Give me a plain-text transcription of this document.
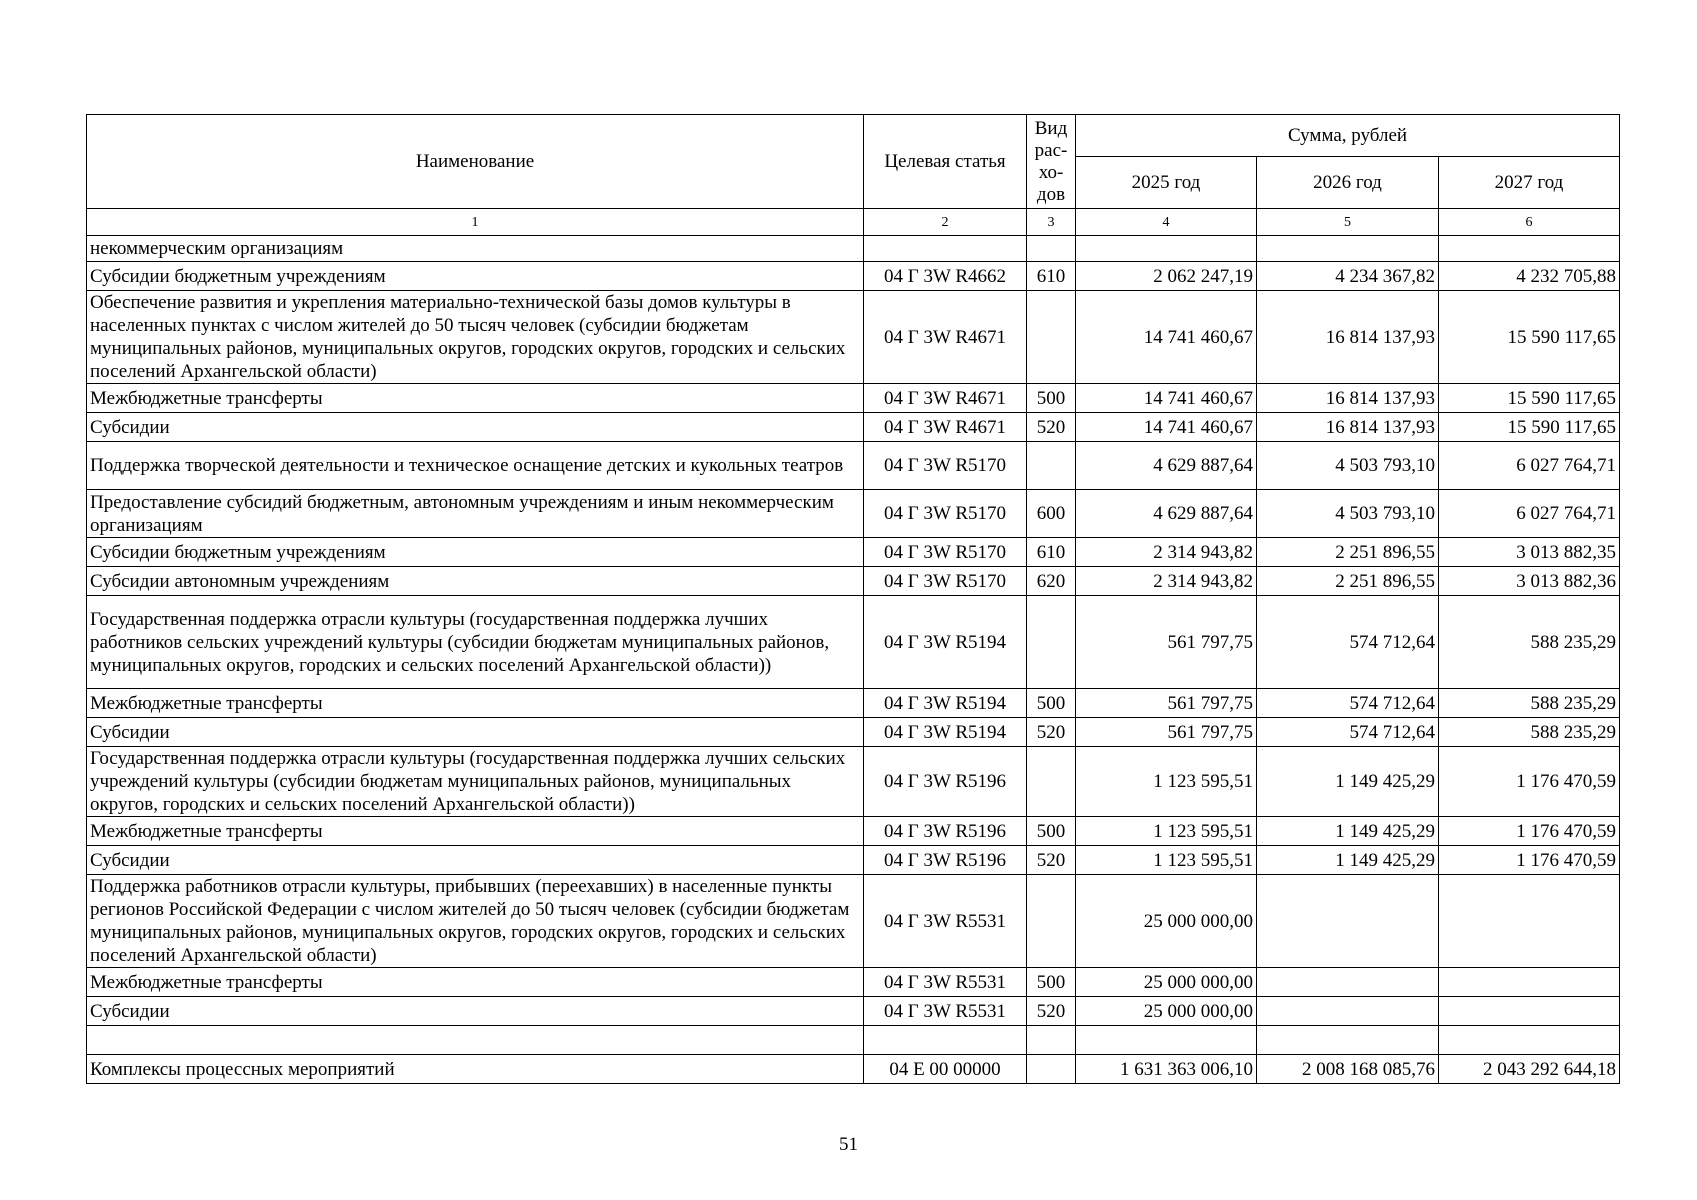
Наименование	Целевая статья	Вид рас-хо-дов	Сумма, рублей		
			2025 год	2026 год	2027 год
1	2	3	4	5	6
некоммерческим организациям					
Субсидии бюджетным учреждениям	04 Г 3W R4662	610	2 062 247,19	4 234 367,82	4 232 705,88
Обеспечение развития и укрепления материально-технической базы домов культуры в населенных пунктах с числом жителей до 50 тысяч человек (субсидии бюджетам муниципальных районов, муниципальных округов, городских округов, городских и сельских поселений Архангельской области)	04 Г 3W R4671		14 741 460,67	16 814 137,93	15 590 117,65
Межбюджетные трансферты	04 Г 3W R4671	500	14 741 460,67	16 814 137,93	15 590 117,65
Субсидии	04 Г 3W R4671	520	14 741 460,67	16 814 137,93	15 590 117,65
Поддержка творческой деятельности и техническое оснащение детских и кукольных театров	04 Г 3W R5170		4 629 887,64	4 503 793,10	6 027 764,71
Предоставление субсидий бюджетным, автономным учреждениям и иным некоммерческим организациям	04 Г 3W R5170	600	4 629 887,64	4 503 793,10	6 027 764,71
Субсидии бюджетным учреждениям	04 Г 3W R5170	610	2 314 943,82	2 251 896,55	3 013 882,35
Субсидии автономным учреждениям	04 Г 3W R5170	620	2 314 943,82	2 251 896,55	3 013 882,36
Государственная поддержка отрасли культуры (государственная поддержка лучших работников сельских учреждений культуры (субсидии бюджетам муниципальных районов, муниципальных округов, городских и сельских поселений Архангельской области))	04 Г 3W R5194		561 797,75	574 712,64	588 235,29
Межбюджетные трансферты	04 Г 3W R5194	500	561 797,75	574 712,64	588 235,29
Субсидии	04 Г 3W R5194	520	561 797,75	574 712,64	588 235,29
Государственная поддержка отрасли культуры (государственная поддержка лучших сельских учреждений культуры (субсидии бюджетам муниципальных районов, муниципальных округов, городских и сельских поселений Архангельской области))	04 Г 3W R5196		1 123 595,51	1 149 425,29	1 176 470,59
Межбюджетные трансферты	04 Г 3W R5196	500	1 123 595,51	1 149 425,29	1 176 470,59
Субсидии	04 Г 3W R5196	520	1 123 595,51	1 149 425,29	1 176 470,59
Поддержка работников отрасли культуры, прибывших (переехавших) в населенные пункты регионов Российской Федерации с числом жителей до 50 тысяч человек (субсидии бюджетам муниципальных районов, муниципальных округов, городских округов, городских и сельских поселений Архангельской области)	04 Г 3W R5531		25 000 000,00		
Межбюджетные трансферты	04 Г 3W R5531	500	25 000 000,00		
Субсидии	04 Г 3W R5531	520	25 000 000,00		

Комплексы процессных мероприятий	04 Е 00 00000		1 631 363 006,10	2 008 168 085,76	2 043 292 644,18
51
